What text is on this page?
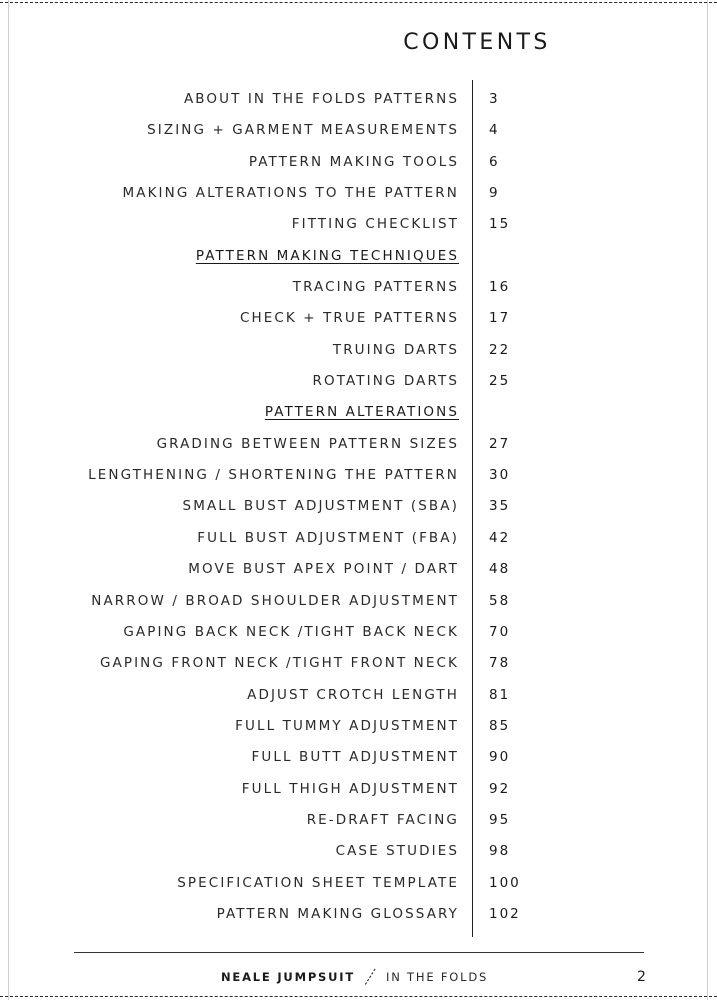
CONTENTS
ABOUT IN THE FOLDS PATTERNS 3
SIZING + GARMENT MEASUREMENTS 4
PATTERN MAKING TOOLS 6
MAKING ALTERATIONS TO THE PATTERN 9
FITTING CHECKLIST 15
PATTERN MAKING TECHNIQUES
TRACING PATTERNS 16
CHECK + TRUE PATTERNS 17
TRUING DARTS 22
ROTATING DARTS 25
PATTERN ALTERATIONS
GRADING BETWEEN PATTERN SIZES 27
LENGTHENING / SHORTENING THE PATTERN 30
SMALL BUST ADJUSTMENT (SBA) 35
FULL BUST ADJUSTMENT (FBA) 42
MOVE BUST APEX POINT / DART 48
NARROW / BROAD SHOULDER ADJUSTMENT 58
GAPING BACK NECK /TIGHT BACK NECK 70
GAPING FRONT NECK /TIGHT FRONT NECK 78
ADJUST CROTCH LENGTH 81
FULL TUMMY ADJUSTMENT 85
FULL BUTT ADJUSTMENT 90
FULL THIGH ADJUSTMENT 92
RE-DRAFT FACING 95
CASE STUDIES 98
SPECIFICATION SHEET TEMPLATE 100
PATTERN MAKING GLOSSARY 102
NEALE JUMPSUIT	IN THE FOLDS	2
